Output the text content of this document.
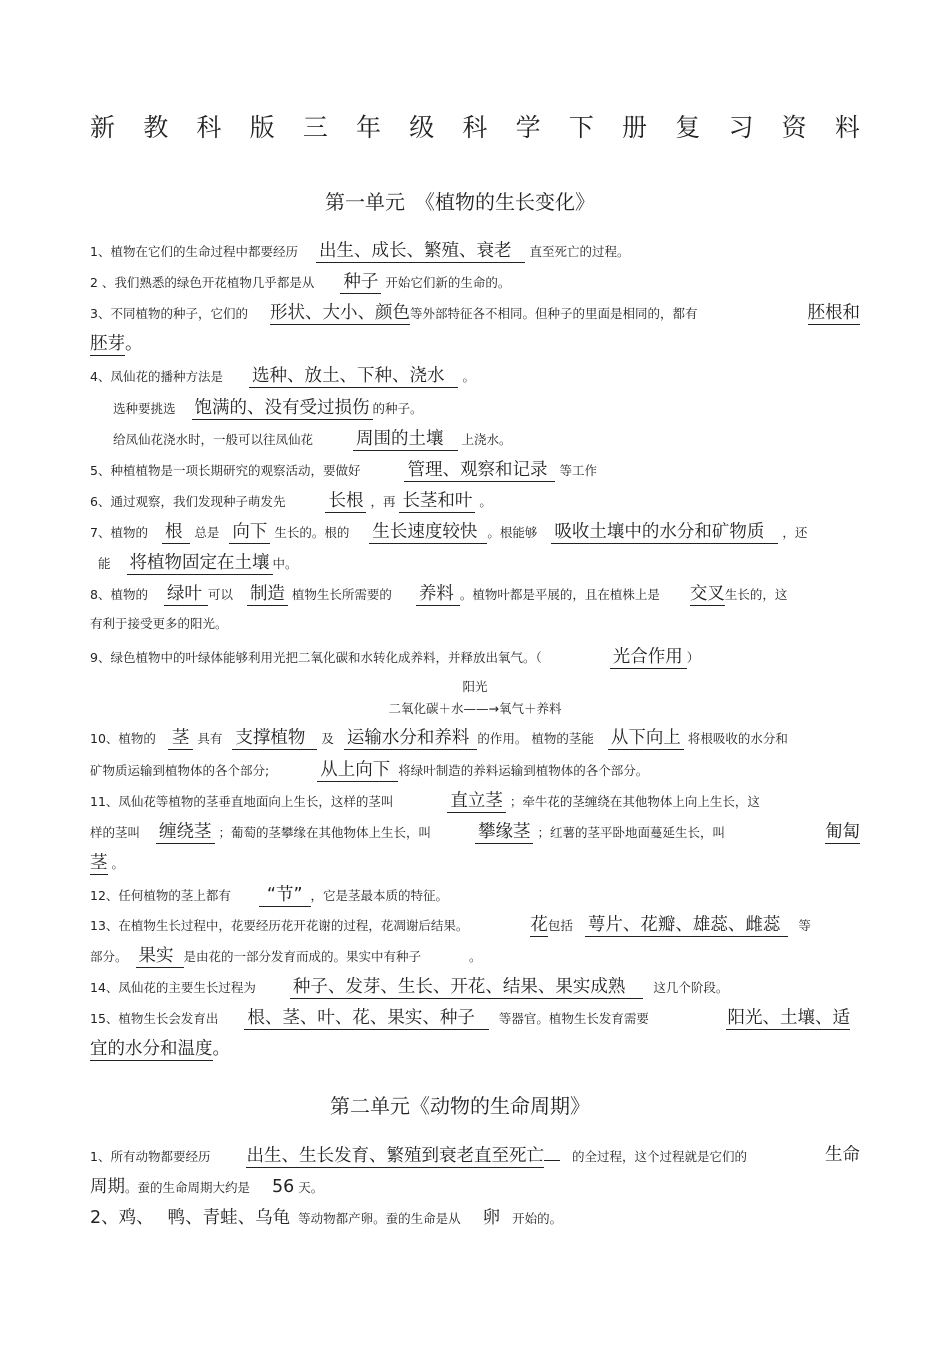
新 教 科 版 三 年 级 科 学 下 册 复 习 资 料
第一单元　《植物的生长变化》
1、植物在它们的生命过程中都要经历 出生、成长、繁殖、衰老 直至死亡的过程。
2 、我们熟悉的绿色开花植物几乎都是从 种子 开始它们新的生命的。
3、不同植物的种子，它们的 形状、大小、颜色等外部特征各不相同。但种子的里面是相同的，都有	胚根和
胚芽。
4、凤仙花的播种方法是 选种、放土、下种、浇水 。
选种要挑选 饱满的、没有受过损伤 的种子。
给凤仙花浇水时，一般可以往凤仙花 周围的土壤 上浇水。
5、种植植物是一项长期研究的观察活动，要做好	管理、观察和记录 等工作
6、通过观察，我们发现种子萌发先 长根 ，再 长茎和叶 。
7、植物的 根 总是 向下 生长的。根的 生长速度较快 。根能够 吸收土壤中的水分和矿物质 ，还
能 将植物固定在土壤 中。
8、植物的 绿叶 可以 制造 植物生长所需要的 养料 。植物叶都是平展的，且在植株上是 交叉生长的，这
有利于接受更多的阳光。
9、绿色植物中的叶绿体能够利用光把二氧化碳和水转化成养料，并释放出氧气。（	光合作用 ）
阳光
二氧化碳＋水——→氧气＋养料
10、植物的 茎 具有 支撑植物 及 运输水分和养料 的作用。 植物的茎能 从下向上 将根吸收的水分和
矿物质运输到植物体的各个部分;	从上向下 将绿叶制造的养料运输到植物体的各个部分。
11、凤仙花等植物的茎垂直地面向上生长，这样的茎叫	直立茎 ；牵牛花的茎缠绕在其他物体上向上生长，这
样的茎叫 缠绕茎 ；葡萄的茎攀缘在其他物体上生长，叫	攀缘茎 ；红薯的茎平卧地面蔓延生长，叫	匍匐
茎 。
12、任何植物的茎上都有 “节” ，它是茎最本质的特征。
13、在植物生长过程中，花要经历花开花谢的过程，花凋谢后结果。	花包括 萼片、花瓣、雄蕊、雌蕊 等
部分。 果实 是由花的一部分发育而成的。果实中有种子	。
14、凤仙花的主要生长过程为 种子、发芽、生长、开花、结果、果实成熟 这几个阶段。
15、植物生长会发育出 根、茎、叶、花、果实、种子 等器官。植物生长发育需要	阳光、土壤、适
宜的水分和温度。
第二单元《动物的生命周期》
1、所有动物都要经历 出生、生长发育、繁殖到衰老直至死亡 的全过程，这个过程就是它们的	生命
周期。蚕的生命周期大约是 56 天。
2、鸡、 鸭、青蛙、乌龟 等动物都产卵。蚕的生命是从 卵 开始的。
